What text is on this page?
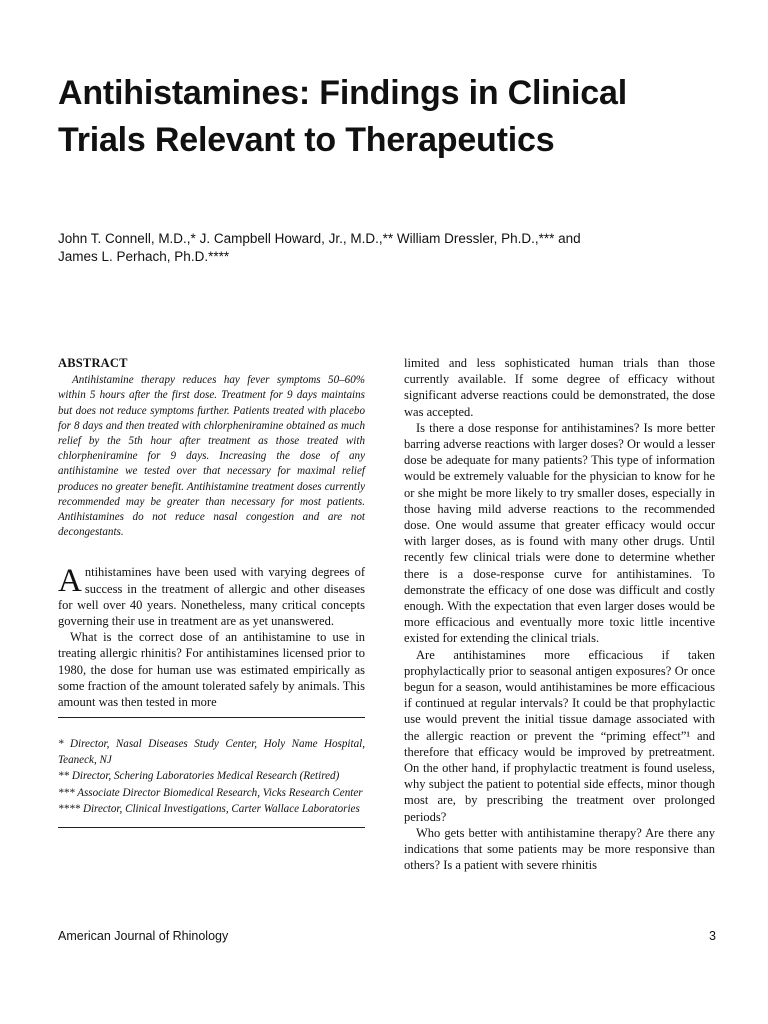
Antihistamines: Findings in Clinical
Trials Relevant to Therapeutics
John T. Connell, M.D.,* J. Campbell Howard, Jr., M.D.,** William Dressler, Ph.D.,*** and
James L. Perhach, Ph.D.****
ABSTRACT

Antihistamine therapy reduces hay fever symptoms 50–60% within 5 hours after the first dose. Treatment for 9 days maintains but does not reduce symptoms further. Patients treated with placebo for 8 days and then treated with chlorpheniramine obtained as much relief by the 5th hour after treatment as those treated with chlorpheniramine for 9 days. Increasing the dose of any antihistamine we tested over that necessary for maximal relief produces no greater benefit. Antihistamine treatment doses currently recommended may be greater than necessary for most patients. Antihistamines do not reduce nasal congestion and are not decongestants.

Antihistamines have been used with varying degrees of success in the treatment of allergic and other diseases for well over 40 years. Nonetheless, many critical concepts governing their use in treatment are as yet unanswered.

What is the correct dose of an antihistamine to use in treating allergic rhinitis? For antihistamines licensed prior to 1980, the dose for human use was estimated empirically as some fraction of the amount tolerated safely by animals. This amount was then tested in more

* Director, Nasal Diseases Study Center, Holy Name Hospital, Teaneck, NJ

** Director, Schering Laboratories Medical Research (Retired)

*** Associate Director Biomedical Research, Vicks Research Center

**** Director, Clinical Investigations, Carter Wallace Laboratories

limited and less sophisticated human trials than those currently available. If some degree of efficacy without significant adverse reactions could be demonstrated, the dose was accepted.

Is there a dose response for antihistamines? Is more better barring adverse reactions with larger doses? Or would a lesser dose be adequate for many patients? This type of information would be extremely valuable for the physician to know for he or she might be more likely to try smaller doses, especially in those having mild adverse reactions to the recommended dose. One would assume that greater efficacy would occur with larger doses, as is found with many other drugs. Until recently few clinical trials were done to determine whether there is a dose-response curve for antihistamines. To demonstrate the efficacy of one dose was difficult and costly enough. With the expectation that even larger doses would be more efficacious and eventually more toxic little incentive existed for extending the clinical trials.

Are antihistamines more efficacious if taken prophylactically prior to seasonal antigen exposures? Or once begun for a season, would antihistamines be more efficacious if continued at regular intervals? It could be that prophylactic use would prevent the initial tissue damage associated with the allergic reaction or prevent the “priming effect”¹ and therefore that efficacy would be improved by pretreatment. On the other hand, if prophylactic treatment is found useless, why subject the patient to potential side effects, minor though most are, by prescribing the treatment over prolonged periods?

Who gets better with antihistamine therapy? Are there any indications that some patients may be more responsive than others? Is a patient with severe rhinitis

American Journal of Rhinology	3
